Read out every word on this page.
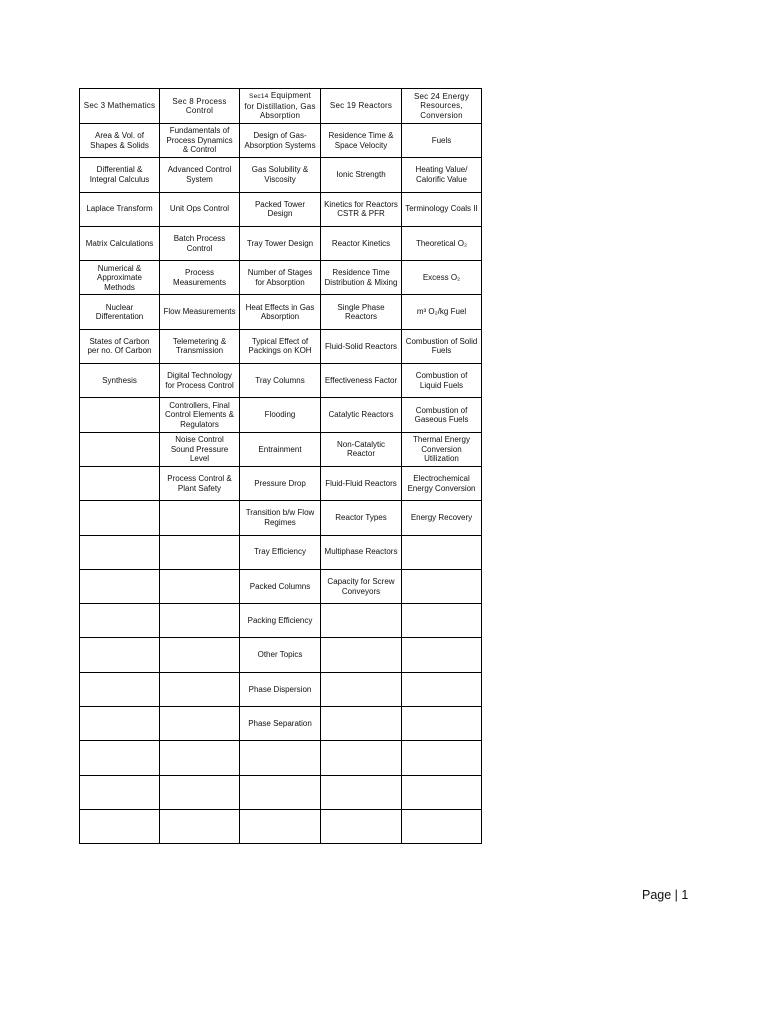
Sec 3 Mathematics	Sec 8 Process Control	Sec14 Equipment for Distillation, Gas Absorption	Sec 19 Reactors	Sec 24 Energy Resources, Conversion
Area & Vol. of Shapes & Solids	Fundamentals of Process Dynamics & Control	Design of Gas-Absorption Systems	Residence Time & Space Velocity	Fuels
Differential & Integral Calculus	Advanced Control System	Gas Solubility & Viscosity	Ionic Strength	Heating Value/ Calorific Value
Laplace Transform	Unit Ops Control	Packed Tower Design	Kinetics for Reactors CSTR & PFR	Terminology Coals II
Matrix Calculations	Batch Process Control	Tray Tower Design	Reactor Kinetics	Theoretical O₂
Numerical & Approximate Methods	Process Measurements	Number of Stages for Absorption	Residence Time Distribution & Mixing	Excess O₂
Nuclear Differentation	Flow Measurements	Heat Effects in Gas Absorption	Single Phase Reactors	m³ O₂/kg Fuel
States of Carbon per no. Of Carbon	Telemetering & Transmission	Typical Effect of Packings on KOH	Fluid-Solid Reactors	Combustion of Solid Fuels
Synthesis	Digital Technology for Process Control	Tray Columns	Effectiveness Factor	Combustion of Liquid Fuels
	Controllers, Final Control Elements & Regulators	Flooding	Catalytic Reactors	Combustion of Gaseous Fuels
	Noise Control Sound Pressure Level	Entrainment	Non-Catalytic Reactor	Thermal Energy Conversion Utilization
	Process Control & Plant Safety	Pressure Drop	Fluid-Fluid Reactors	Electrochemical Energy Conversion
		Transition b/w Flow Regimes	Reactor Types	Energy Recovery
		Tray Efficiency	Multiphase Reactors	
		Packed Columns	Capacity for Screw Conveyors	
		Packing Efficiency		
		Other Topics		
		Phase Dispersion		
		Phase Separation		

Page | 1
